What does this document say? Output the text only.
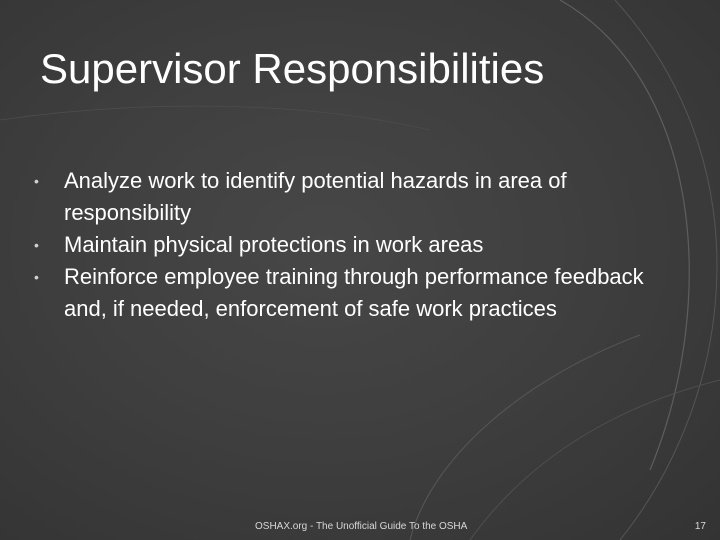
Supervisor Responsibilities
•	Analyze work to identify potential hazards in area of responsibility
•	Maintain physical protections in work areas
•	Reinforce employee training through performance feedback and, if needed, enforcement of safe work practices
OSHAX.org - The Unofficial Guide To the OSHA	17
